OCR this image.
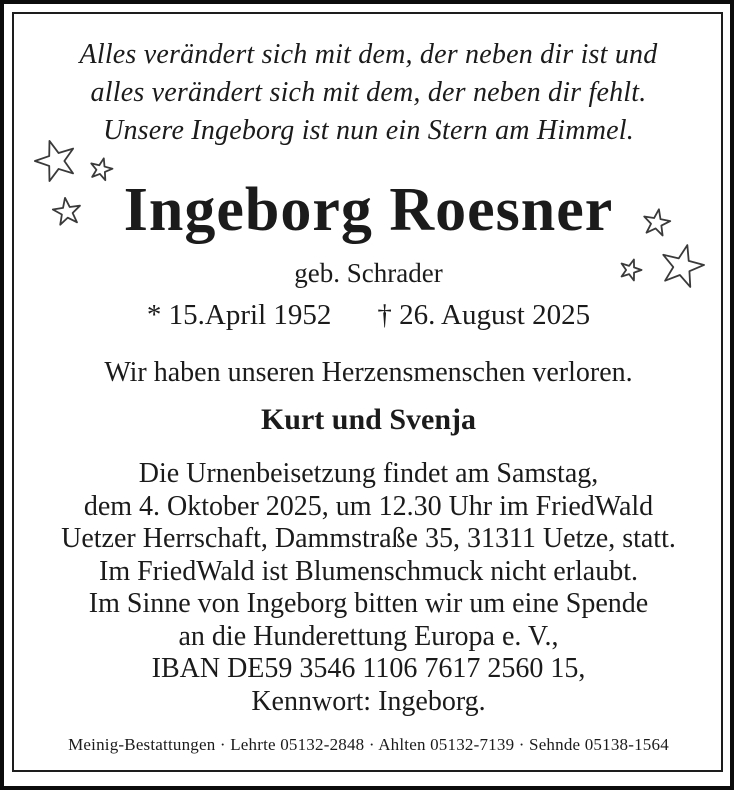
Alles verändert sich mit dem, der neben dir ist und
alles verändert sich mit dem, der neben dir fehlt.
Unsere Ingeborg ist nun ein Stern am Himmel.
Ingeborg Roesner
geb. Schrader
* 15.April 1952 † 26. August 2025
Wir haben unseren Herzensmenschen verloren.
Kurt und Svenja
Die Urnenbeisetzung findet am Samstag,
dem 4. Oktober 2025, um 12.30 Uhr im FriedWald
Uetzer Herrschaft, Dammstraße 35, 31311 Uetze, statt.
Im FriedWald ist Blumenschmuck nicht erlaubt.
Im Sinne von Ingeborg bitten wir um eine Spende
an die Hunderettung Europa e. V.,
IBAN DE59 3546 1106 7617 2560 15,
Kennwort: Ingeborg.
Meinig-Bestattungen · Lehrte 05132-2848 · Ahlten 05132-7139 · Sehnde 05138-1564
